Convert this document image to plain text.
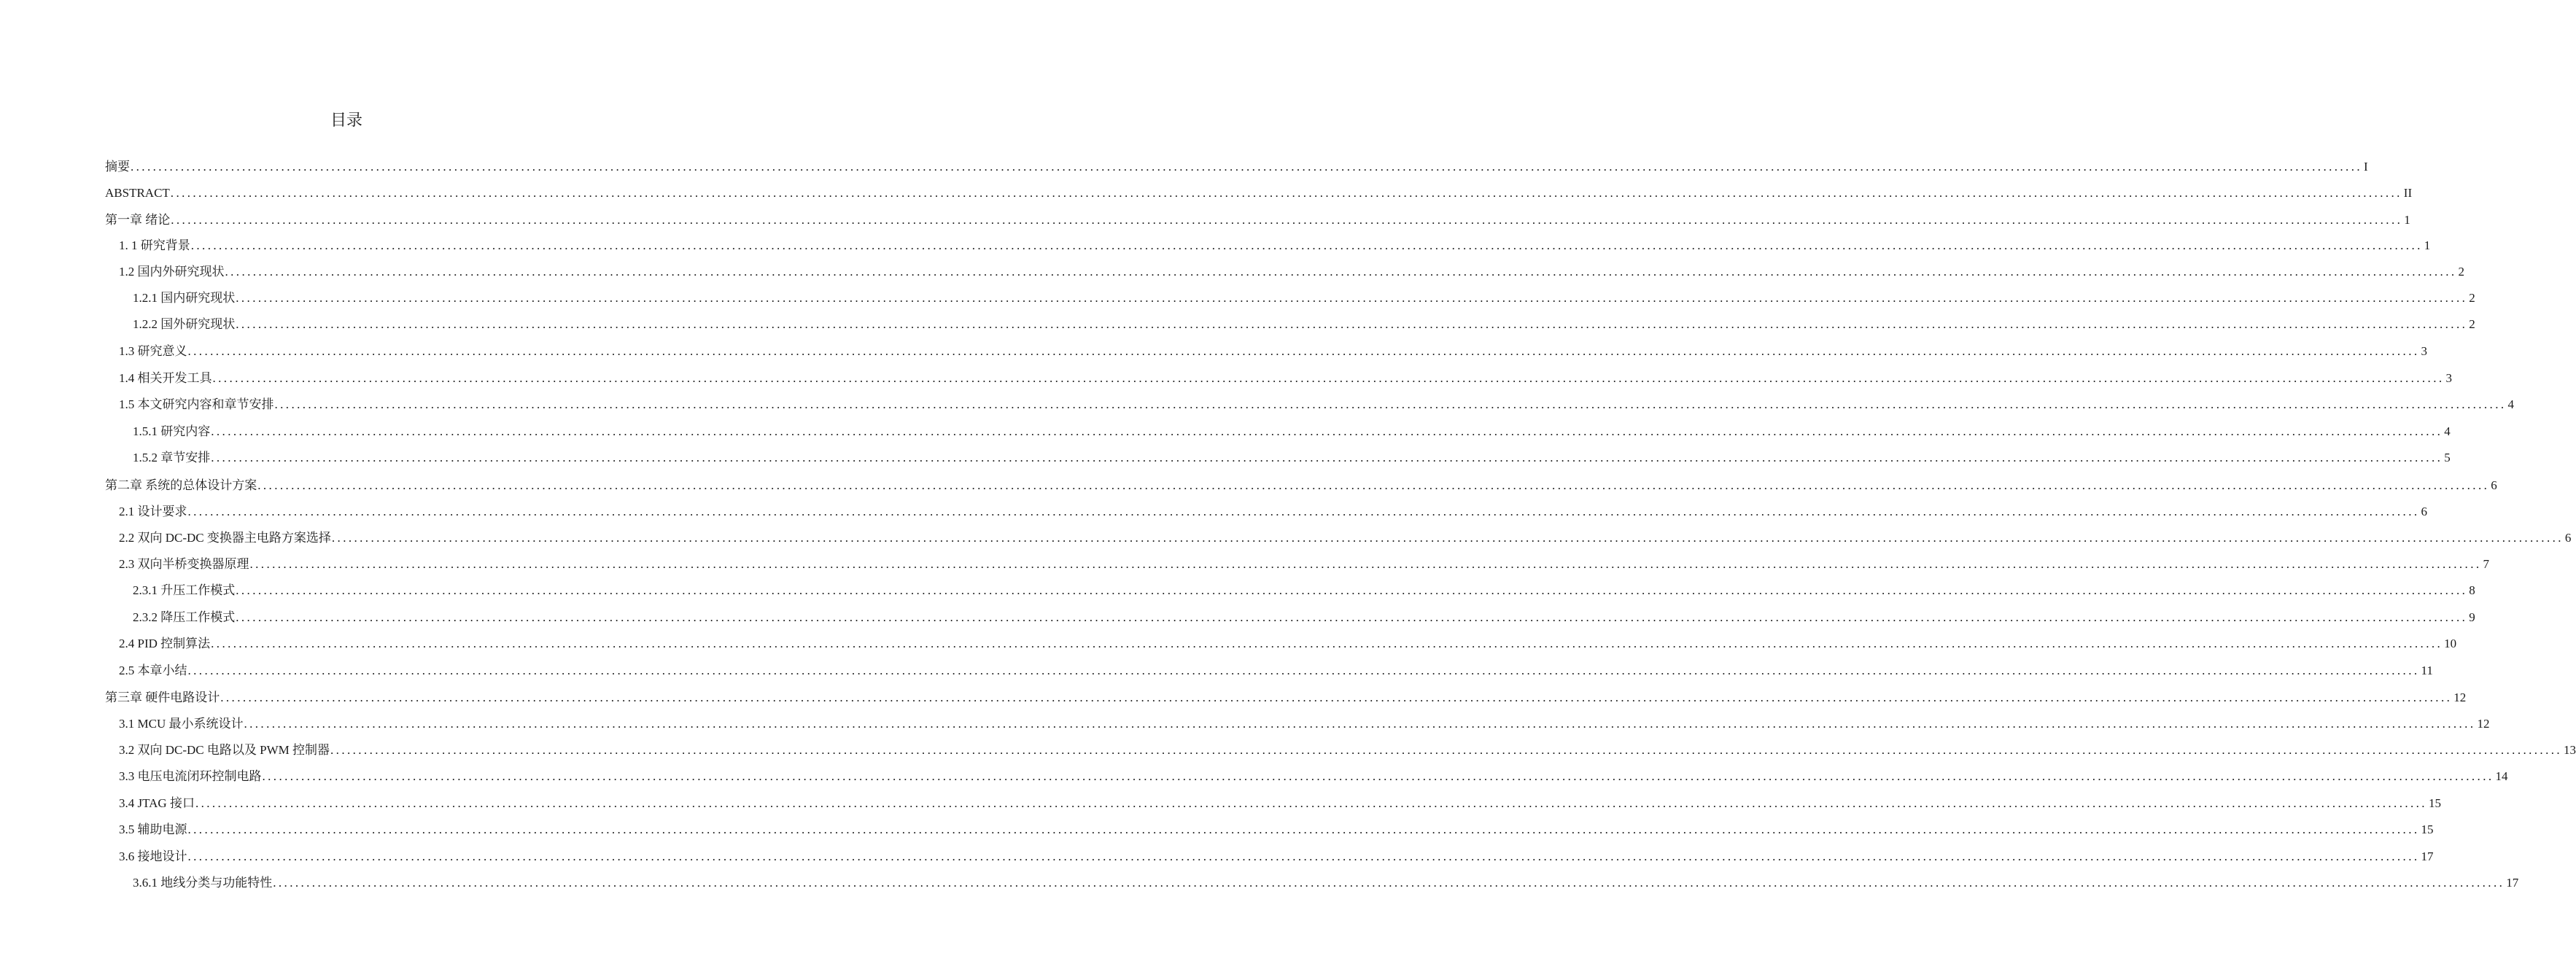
目录
摘要 ................................................................................................................................................................................................................................................................................................................................................................................................................ I
ABSTRACT ................................................................................................................................................................................................................................................................................................................................................................................................................ II
第一章 绪论 ................................................................................................................................................................................................................................................................................................................................................................................................................ 1
1. 1 研究背景 ................................................................................................................................................................................................................................................................................................................................................................................................................ 1
1.2 国内外研究现状 ................................................................................................................................................................................................................................................................................................................................................................................................................ 2
1.2.1 国内研究现状 ................................................................................................................................................................................................................................................................................................................................................................................................................ 2
1.2.2 国外研究现状 ................................................................................................................................................................................................................................................................................................................................................................................................................ 2
1.3 研究意义 ................................................................................................................................................................................................................................................................................................................................................................................................................ 3
1.4 相关开发工具 ................................................................................................................................................................................................................................................................................................................................................................................................................ 3
1.5 本文研究内容和章节安排 ................................................................................................................................................................................................................................................................................................................................................................................................................ 4
1.5.1 研究内容 ................................................................................................................................................................................................................................................................................................................................................................................................................ 4
1.5.2 章节安排 ................................................................................................................................................................................................................................................................................................................................................................................................................ 5
第二章 系统的总体设计方案 ................................................................................................................................................................................................................................................................................................................................................................................................................ 6
2.1 设计要求 ................................................................................................................................................................................................................................................................................................................................................................................................................ 6
2.2 双向 DC-DC 变换器主电路方案选择 ................................................................................................................................................................................................................................................................................................................................................................................................................ 6
2.3 双向半桥变换器原理 ................................................................................................................................................................................................................................................................................................................................................................................................................ 7
2.3.1 升压工作模式 ................................................................................................................................................................................................................................................................................................................................................................................................................ 8
2.3.2 降压工作模式 ................................................................................................................................................................................................................................................................................................................................................................................................................ 9
2.4 PID 控制算法 ................................................................................................................................................................................................................................................................................................................................................................................................................ 10
2.5 本章小结 ................................................................................................................................................................................................................................................................................................................................................................................................................ 11
第三章 硬件电路设计 ................................................................................................................................................................................................................................................................................................................................................................................................................ 12
3.1 MCU 最小系统设计 ................................................................................................................................................................................................................................................................................................................................................................................................................ 12
3.2 双向 DC-DC 电路以及 PWM 控制器 ................................................................................................................................................................................................................................................................................................................................................................................................................ 13
3.3 电压电流闭环控制电路 ................................................................................................................................................................................................................................................................................................................................................................................................................ 14
3.4 JTAG 接口 ................................................................................................................................................................................................................................................................................................................................................................................................................ 15
3.5 辅助电源 ................................................................................................................................................................................................................................................................................................................................................................................................................ 15
3.6 接地设计 ................................................................................................................................................................................................................................................................................................................................................................................................................ 17
3.6.1 地线分类与功能特性 ................................................................................................................................................................................................................................................................................................................................................................................................................ 17
